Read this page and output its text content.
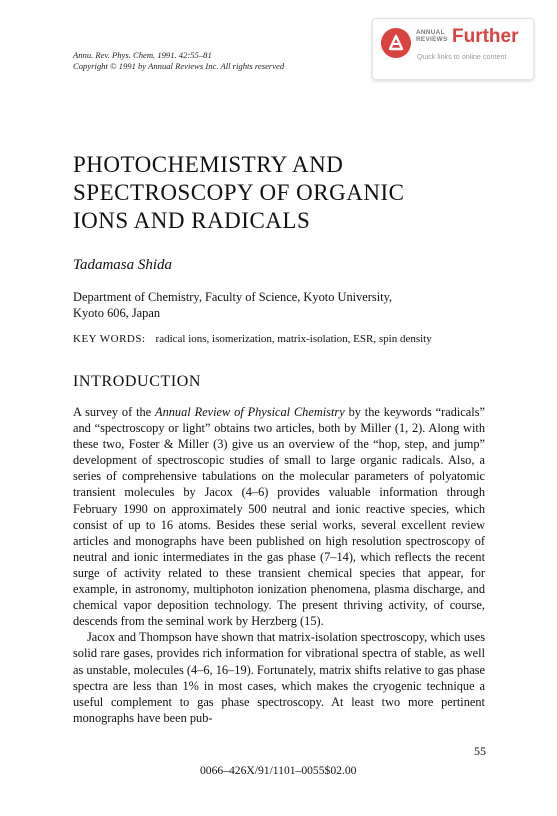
Annu. Rev. Phys. Chem. 1991. 42:55–81
Copyright © 1991 by Annual Reviews Inc. All rights reserved
ANNUAL
REVIEWS Further
Quick links to online content
PHOTOCHEMISTRY AND
SPECTROSCOPY OF ORGANIC
IONS AND RADICALS
Tadamasa Shida
Department of Chemistry, Faculty of Science, Kyoto University,
Kyoto 606, Japan
KEY WORDS: radical ions, isomerization, matrix-isolation, ESR, spin density
INTRODUCTION

A survey of the Annual Review of Physical Chemistry by the keywords “radicals” and “spectroscopy or light” obtains two articles, both by Miller (1, 2). Along with these two, Foster & Miller (3) give us an overview of the “hop, step, and jump” development of spectroscopic studies of small to large organic radicals. Also, a series of comprehensive tabulations on the molecular parameters of polyatomic transient molecules by Jacox (4–6) provides valuable information through February 1990 on approximately 500 neutral and ionic reactive species, which consist of up to 16 atoms. Besides these serial works, several excellent review articles and monographs have been published on high resolution spectroscopy of neutral and ionic intermediates in the gas phase (7–14), which reflects the recent surge of activity related to these transient chemical species that appear, for example, in astronomy, multiphoton ionization phenomena, plasma discharge, and chemical vapor deposition technology. The present thriving activity, of course, descends from the seminal work by Herzberg (15).

Jacox and Thompson have shown that matrix-isolation spectroscopy, which uses solid rare gases, provides rich information for vibrational spectra of stable, as well as unstable, molecules (4–6, 16–19). Fortunately, matrix shifts relative to gas phase spectra are less than 1% in most cases, which makes the cryogenic technique a useful complement to gas phase spectroscopy. At least two more pertinent monographs have been pub-

55
0066–426X/91/1101–0055$02.00
